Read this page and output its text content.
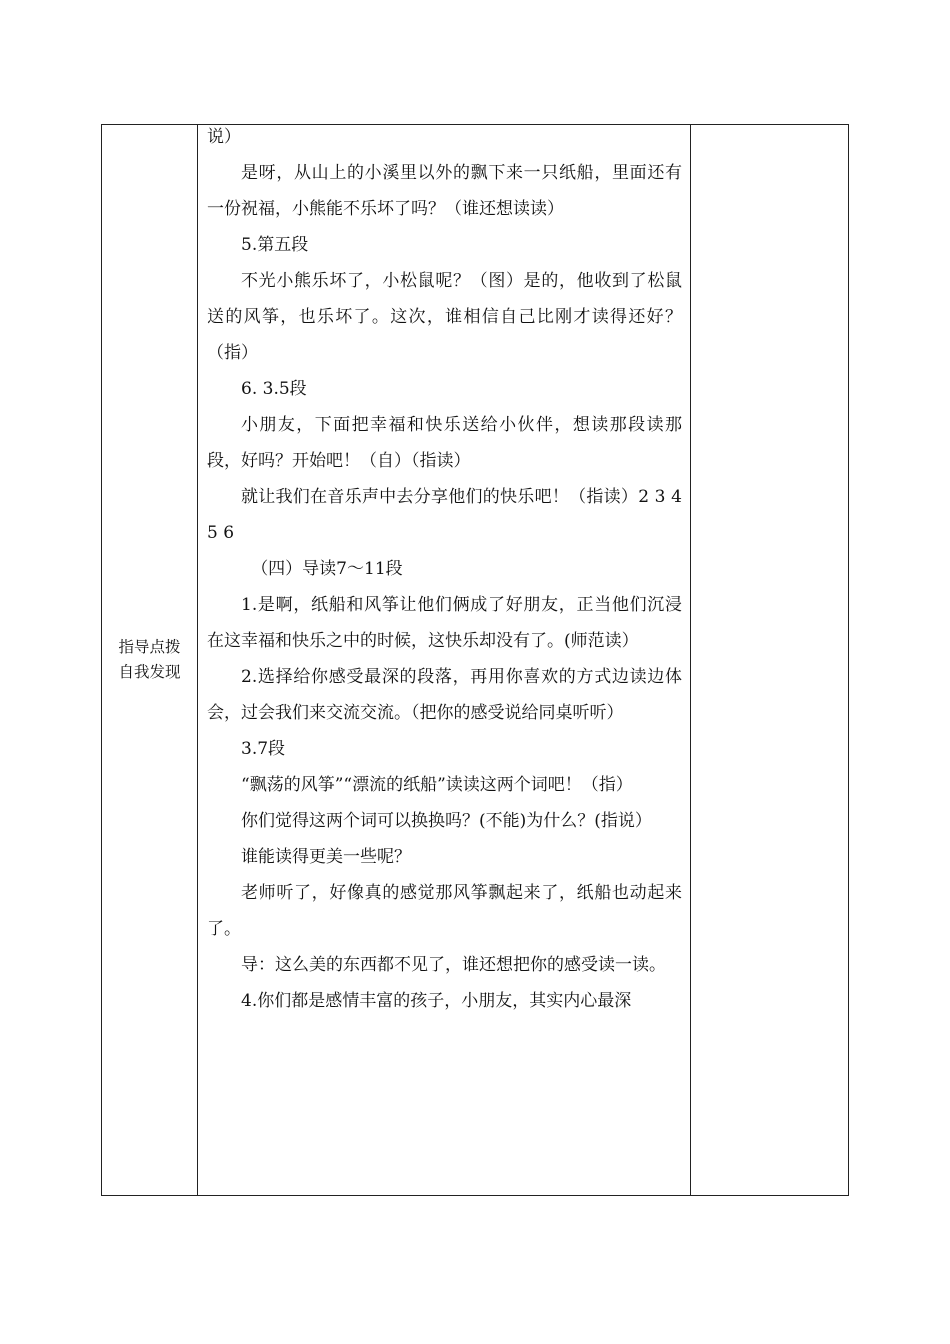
指导点拨
自我发现

说）

是呀，从山上的小溪里以外的飘下来一只纸船，里面还有一份祝福，小熊能不乐坏了吗？（谁还想读读）

5.第五段

不光小熊乐坏了，小松鼠呢？（图）是的，他收到了松鼠送的风筝，也乐坏了。这次，谁相信自己比刚才读得还好？（指）

6. 3.5段

小朋友，下面把幸福和快乐送给小伙伴，想读那段读那段，好吗？开始吧！（自）（指读）

就让我们在音乐声中去分享他们的快乐吧！（指读）2 3 4 5 6

（四）导读7～11段

1.是啊，纸船和风筝让他们俩成了好朋友，正当他们沉浸在这幸福和快乐之中的时候，这快乐却没有了。(师范读）

2.选择给你感受最深的段落，再用你喜欢的方式边读边体会，过会我们来交流交流。（把你的感受说给同桌听听）

3.7段

“飘荡的风筝”“漂流的纸船”读读这两个词吧！（指）

你们觉得这两个词可以换换吗？(不能)为什么？(指说）

谁能读得更美一些呢？

老师听了，好像真的感觉那风筝飘起来了，纸船也动起来了。

导：这么美的东西都不见了，谁还想把你的感受读一读。

4.你们都是感情丰富的孩子，小朋友，其实内心最深
